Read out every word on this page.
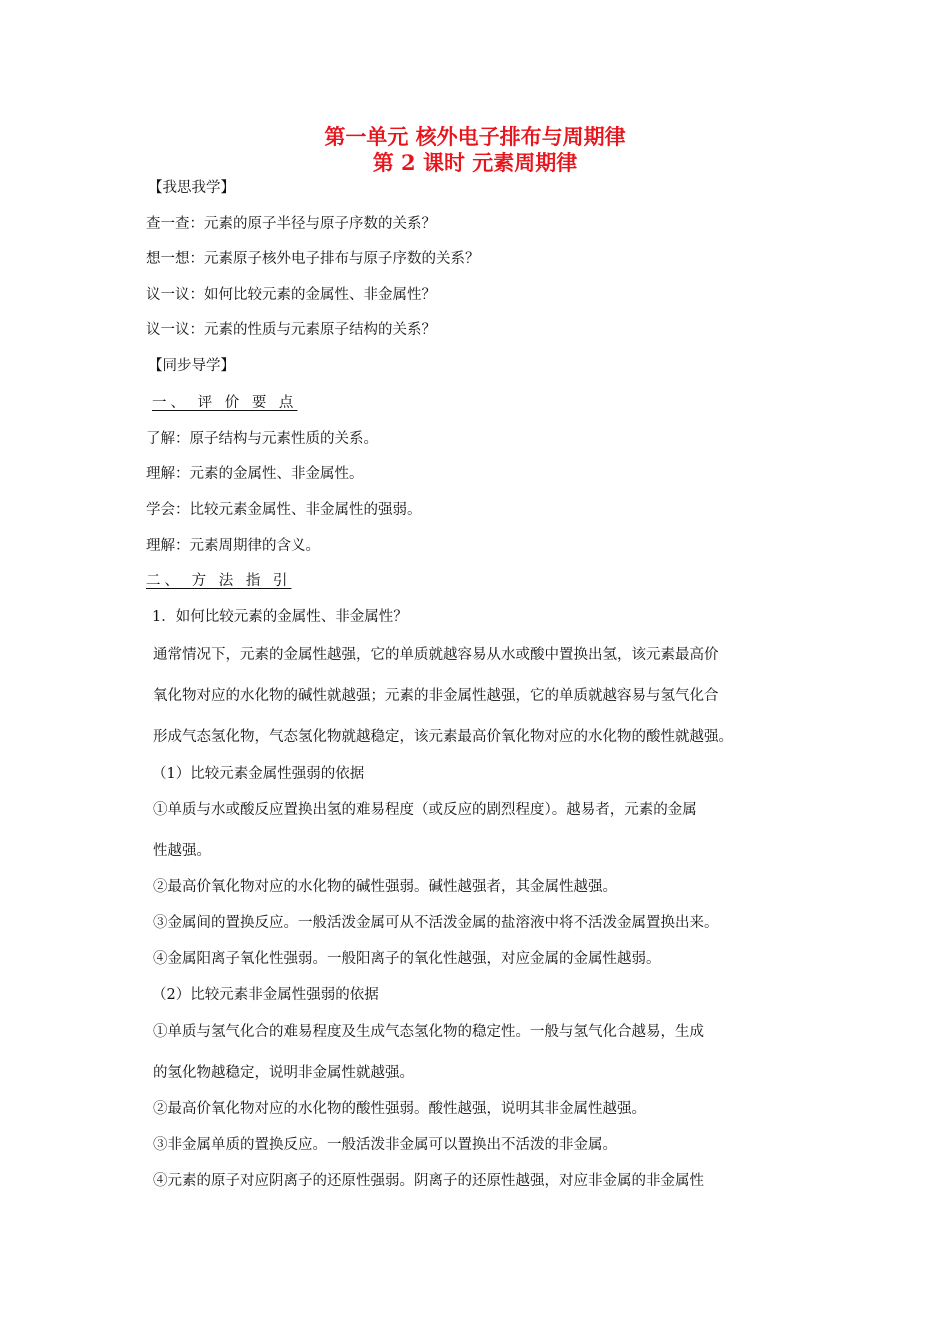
第一单元 核外电子排布与周期律
第 2 课时 元素周期律
【我思我学】
查一查：元素的原子半径与原子序数的关系？
想一想：元素原子核外电子排布与原子序数的关系？
议一议：如何比较元素的金属性、非金属性？
议一议：元素的性质与元素原子结构的关系？
【同步导学】
一、 评 价 要 点
了解：原子结构与元素性质的关系。
理解：元素的金属性、非金属性。
学会：比较元素金属性、非金属性的强弱。
理解：元素周期律的含义。
二、 方 法 指 引
1．如何比较元素的金属性、非金属性？
通常情况下，元素的金属性越强，它的单质就越容易从水或酸中置换出氢，该元素最高价
氧化物对应的水化物的碱性就越强；元素的非金属性越强，它的单质就越容易与氢气化合
形成气态氢化物，气态氢化物就越稳定，该元素最高价氧化物对应的水化物的酸性就越强。
（1）比较元素金属性强弱的依据
①单质与水或酸反应置换出氢的难易程度（或反应的剧烈程度）。越易者，元素的金属
性越强。
②最高价氧化物对应的水化物的碱性强弱。碱性越强者，其金属性越强。
③金属间的置换反应。一般活泼金属可从不活泼金属的盐溶液中将不活泼金属置换出来。
④金属阳离子氧化性强弱。一般阳离子的氧化性越强，对应金属的金属性越弱。
（2）比较元素非金属性强弱的依据
①单质与氢气化合的难易程度及生成气态氢化物的稳定性。一般与氢气化合越易，生成
的氢化物越稳定，说明非金属性就越强。
②最高价氧化物对应的水化物的酸性强弱。酸性越强，说明其非金属性越强。
③非金属单质的置换反应。一般活泼非金属可以置换出不活泼的非金属。
④元素的原子对应阴离子的还原性强弱。阴离子的还原性越强，对应非金属的非金属性
